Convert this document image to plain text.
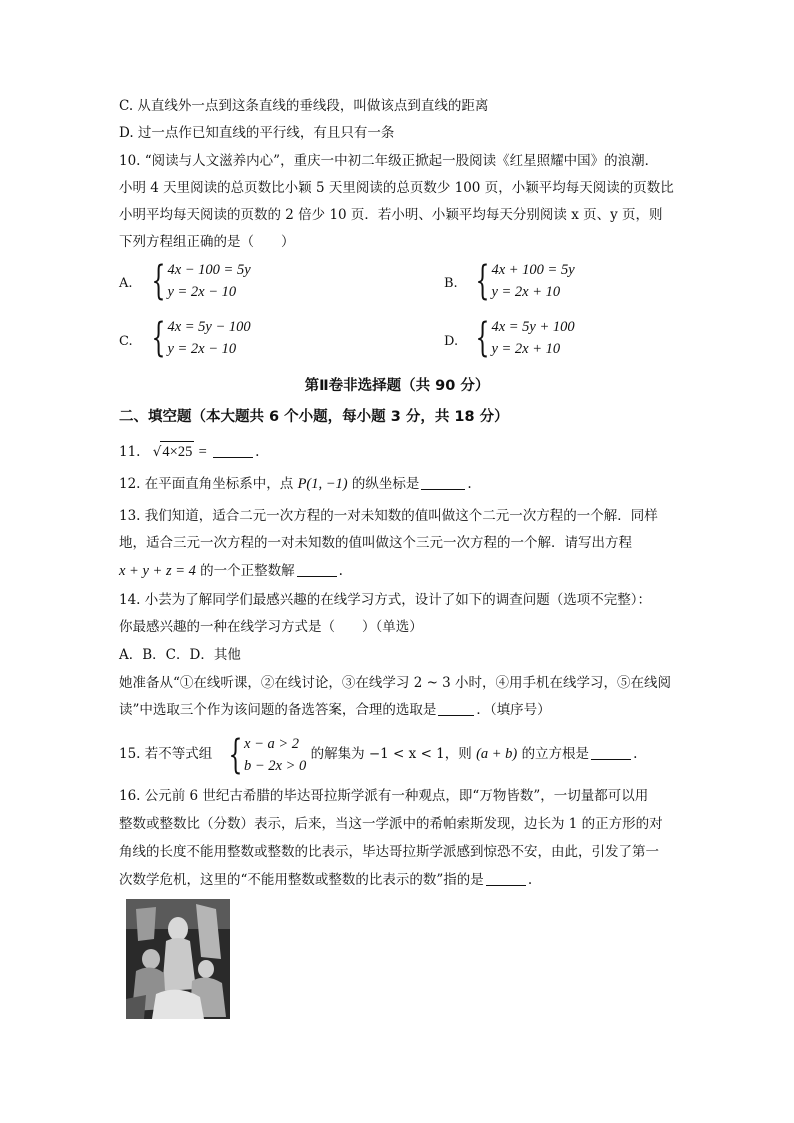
C. 从直线外一点到这条直线的垂线段，叫做该点到直线的距离
D. 过一点作已知直线的平行线，有且只有一条
10. “阅读与人文滋养内心”，重庆一中初二年级正掀起一股阅读《红星照耀中国》的浪潮．
小明 4 天里阅读的总页数比小颖 5 天里阅读的总页数少 100 页，小颖平均每天阅读的页数比
小明平均每天阅读的页数的 2 倍少 10 页．若小明、小颖平均每天分别阅读 x 页、y 页，则
下列方程组正确的是（　　）
A. { 4x − 100 = 5y
y = 2x − 10
B. { 4x + 100 = 5y
y = 2x + 10
C. { 4x = 5y − 100
y = 2x − 10	D. { 4x = 5y + 100
y = 2x + 10
第Ⅱ卷非选择题（共 90 分）
二、填空题（本大题共 6 个小题，每小题 3 分，共 18 分）
11. √4×25 =	.
12. 在平面直角坐标系中，点 P(1, −1) 的纵坐标是	.
13. 我们知道，适合二元一次方程的一对未知数的值叫做这个二元一次方程的一个解．同样
地，适合三元一次方程的一对未知数的值叫做这个三元一次方程的一个解．请写出方程
x + y + z = 4 的一个正整数解	.
14. 小芸为了解同学们最感兴趣的在线学习方式，设计了如下的调查问题（选项不完整）：
你最感兴趣的一种在线学习方式是（　　）（单选）
A．B．C．D．其他
她准备从“①在线听课，②在线讨论，③在线学习 2 ~ 3 小时，④用手机在线学习，⑤在线阅
读”中选取三个作为该问题的备选答案，合理的选取是	．（填序号）
15. 若不等式组 { x − a > 2
b − 2x > 0
的解集为 −1 < x < 1，则 (a + b) 的立方根是	.
16. 公元前 6 世纪古希腊的毕达哥拉斯学派有一种观点，即“万物皆数”，一切量都可以用
整数或整数比（分数）表示，后来，当这一学派中的希帕索斯发现，边长为 1 的正方形的对
角线的长度不能用整数或整数的比表示，毕达哥拉斯学派感到惊恐不安，由此，引发了第一
次数学危机，这里的“不能用整数或整数的比表示的数”指的是	.
